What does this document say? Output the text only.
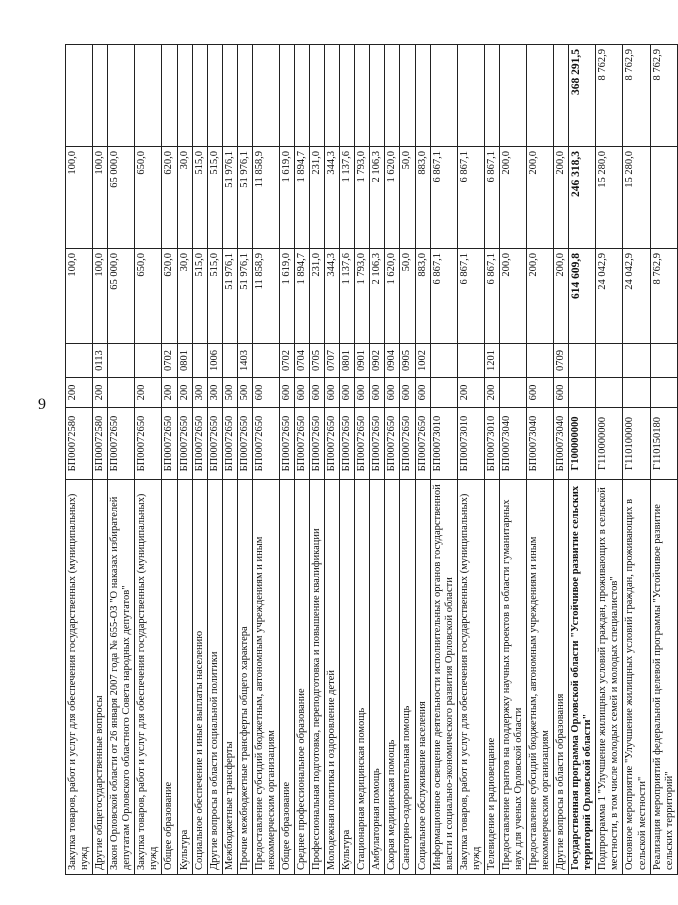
9
Закупка товаров, работ и услуг для обеспечения государственных (муниципальных) нужд	БП00072580	200		100,0	100,0	
Другие общегосударственные вопросы	БП00072580	200	0113	100,0	100,0	
Закон Орловской области от 26 января 2007 года № 655-ОЗ "О наказах избирателей депутатам Орловского областного Совета народных депутатов"	БП00072650			65 000,0	65 000,0	
Закупка товаров, работ и услуг для обеспечения государственных (муниципальных) нужд	БП00072650	200		650,0	650,0	
Общее образование	БП00072650	200	0702	620,0	620,0	
Культура	БП00072650	200	0801	30,0	30,0	
Социальное обеспечение и иные выплаты населению	БП00072650	300		515,0	515,0	
Другие вопросы в области социальной политики	БП00072650	300	1006	515,0	515,0	
Межбюджетные трансферты	БП00072650	500		51 976,1	51 976,1	
Прочие межбюджетные трансферты общего характера	БП00072650	500	1403	51 976,1	51 976,1	
Предоставление субсидий бюджетным, автономным учреждениям и иным некоммерческим организациям	БП00072650	600		11 858,9	11 858,9	
Общее образование	БП00072650	600	0702	1 619,0	1 619,0	
Среднее профессиональное образование	БП00072650	600	0704	1 894,7	1 894,7	
Профессиональная подготовка, переподготовка и повышение квалификации	БП00072650	600	0705	231,0	231,0	
Молодежная политика и оздоровление детей	БП00072650	600	0707	344,3	344,3	
Культура	БП00072650	600	0801	1 137,6	1 137,6	
Стационарная медицинская помощь	БП00072650	600	0901	1 793,0	1 793,0	
Амбулаторная помощь	БП00072650	600	0902	2 106,3	2 106,3	
Скорая медицинская помощь	БП00072650	600	0904	1 620,0	1 620,0	
Санаторно-оздоровительная помощь	БП00072650	600	0905	50,0	50,0	
Социальное обслуживание населения	БП00072650	600	1002	883,0	883,0	
Информационное освещение деятельности исполнительных органов государственной власти и социально-экономического развития Орловской области	БП00073010			6 867,1	6 867,1	
Закупка товаров, работ и услуг для обеспечения государственных (муниципальных) нужд	БП00073010	200		6 867,1	6 867,1	
Телевидение и радиовещание	БП00073010	200	1201	6 867,1	6 867,1	
Предоставление грантов на поддержку научных проектов в области гуманитарных наук для ученых Орловской области	БП00073040			200,0	200,0	
Предоставление субсидий бюджетным, автономным учреждениям и иным некоммерческим организациям	БП00073040	600		200,0	200,0	
Другие вопросы в области образования	БП00073040	600	0709	200,0	200,0	
Государственная программа Орловской области "Устойчивое развитие сельских территорий Орловской области"	Г100000000			614 609,8	246 318,3	368 291,5
Подпрограмма 1 "Улучшение жилищных условий граждан, проживающих в сельской местности, в том числе молодых семей и молодых специалистов"	Г110000000			24 042,9	15 280,0	8 762,9
Основное мероприятие "Улучшение жилищных условий граждан, проживающих в сельской местности"	Г110100000			24 042,9	15 280,0	8 762,9
Реализация мероприятий федеральной целевой программы "Устойчивое развитие сельских территорий"	Г110150180			8 762,9		8 762,9
